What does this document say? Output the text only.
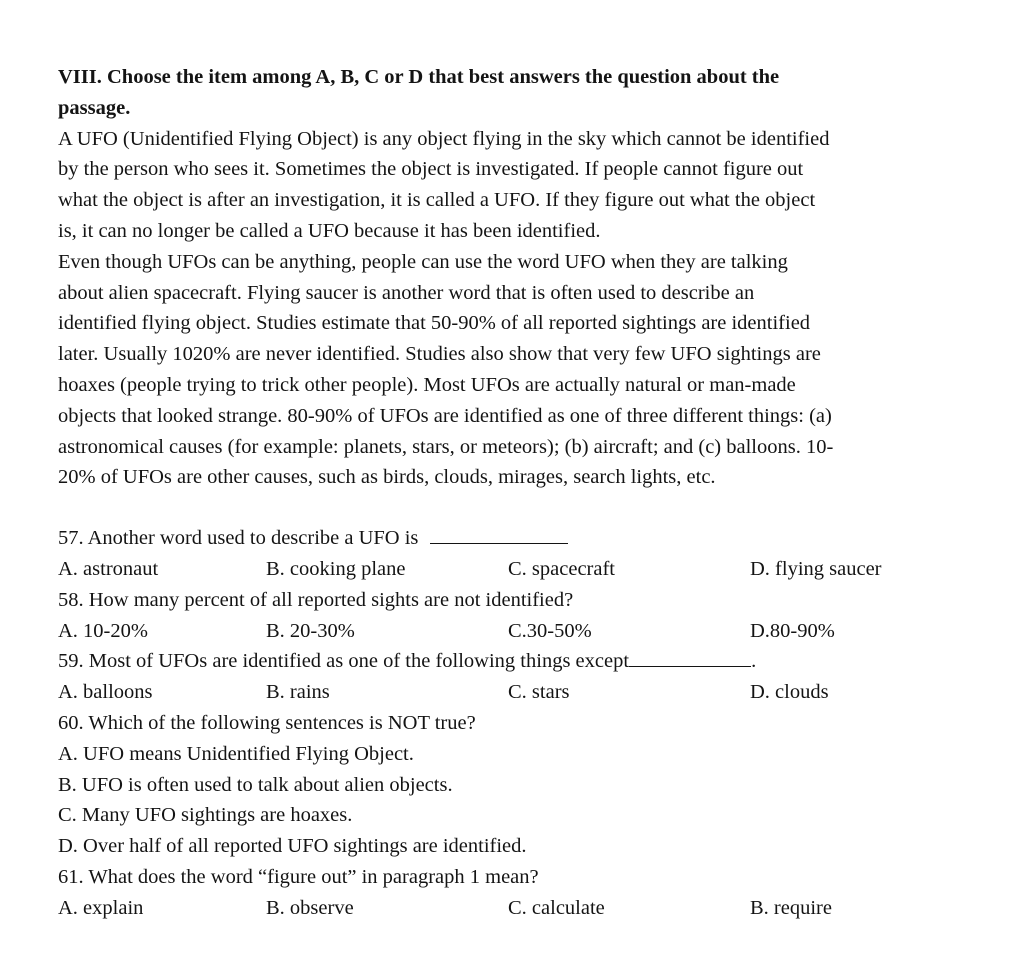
VIII. Choose the item among A, B, C or D that best answers the question about the
passage.
A UFO (Unidentified Flying Object) is any object flying in the sky which cannot be identified
by the person who sees it. Sometimes the object is investigated. If people cannot figure out
what the object is after an investigation, it is called a UFO. If they figure out what the object
is, it can no longer be called a UFO because it has been identified.
Even though UFOs can be anything, people can use the word UFO when they are talking
about alien spacecraft. Flying saucer is another word that is often used to describe an
identified flying object. Studies estimate that 50-90% of all reported sightings are identified
later. Usually 1020% are never identified. Studies also show that very few UFO sightings are
hoaxes (people trying to trick other people). Most UFOs are actually natural or man-made
objects that looked strange. 80-90% of UFOs are identified as one of three different things: (a)
astronomical causes (for example: planets, stars, or meteors); (b) aircraft; and (c) balloons. 10-
20% of UFOs are other causes, such as birds, clouds, mirages, search lights, etc.
57. Another word used to describe a UFO is
A. astronaut	B. cooking plane	C. spacecraft	D. flying saucer
58. How many percent of all reported sights are not identified?
A. 10-20%	B. 20-30%	C.30-50%	D.80-90%
59. Most of UFOs are identified as one of the following things except	.
A. balloons	B. rains	C. stars	D. clouds
60. Which of the following sentences is NOT true?
A. UFO means Unidentified Flying Object.
B. UFO is often used to talk about alien objects.
C. Many UFO sightings are hoaxes.
D. Over half of all reported UFO sightings are identified.
61. What does the word “figure out” in paragraph 1 mean?
A. explain	B. observe	C. calculate	B. require
